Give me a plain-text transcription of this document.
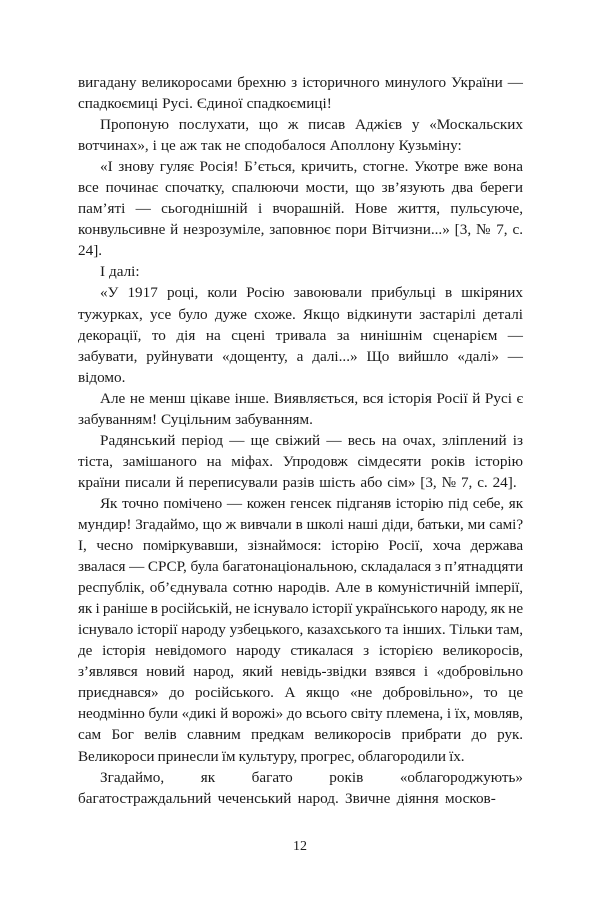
вигадану великоросами брехню з історичного минулого України — спадкоємиці Русі. Єдиної спадкоємиці!

Пропоную послухати, що ж писав Аджієв у «Москальских вотчинах», і це аж так не сподобалося Аполлону Кузьміну:

«І знову гуляє Росія! Б’ється, кричить, стогне. Укотре вже вона все починає спочатку, спалюючи мости, що зв’язують два береги пам’яті — сьогоднішній і вчорашній. Нове життя, пульсуюче, конвульсивне й незрозуміле, заповнює пори Вітчизни...» [3, № 7, с. 24].

І далі:

«У 1917 році, коли Росію завоювали прибульці в шкіряних тужурках, усе було дуже схоже. Якщо відкинути застарілі деталі декорації, то дія на сцені тривала за нинішнім сценарієм — забувати, руйнувати «дощенту, а далі...» Що вийшло «далі» — відомо.

Але не менш цікаве інше. Виявляється, вся історія Росії й Русі є забуванням! Суцільним забуванням.

Радянський період — ще свіжий — весь на очах, зліплений із тіста, замішаного на міфах. Упродовж сімдесяти років історію країни писали й переписували разів шість або сім» [3, № 7, с. 24].

Як точно помічено — кожен генсек підганяв історію під себе, як мундир! Згадаймо, що ж вивчали в школі наші діди, батьки, ми самі? І, чесно поміркувавши, зізнаймося: історію Росії, хоча держава звалася — СРСР, була багатонаціональною, складалася з п’ятнадцяти республік, об’єднувала сотню народів. Але в комуністичній імперії, як і раніше в російській, не існувало історії українського народу, як не існувало історії народу узбецького, казахського та інших. Тільки там, де історія невідомого народу стикалася з історією великоросів, з’являвся новий народ, який невідь-звідки взявся і «добровільно приєднався» до російського. А якщо «не добровільно», то це неодмінно були «дикі й ворожі» до всього світу племена, і їх, мовляв, сам Бог велів славним предкам великоросів прибрати до рук. Великороси принесли їм культуру, прогрес, облагородили їх.

Згадаймо, як багато років «облагороджують» багатостраждальний чеченський народ. Звичне діяння москов-

12
